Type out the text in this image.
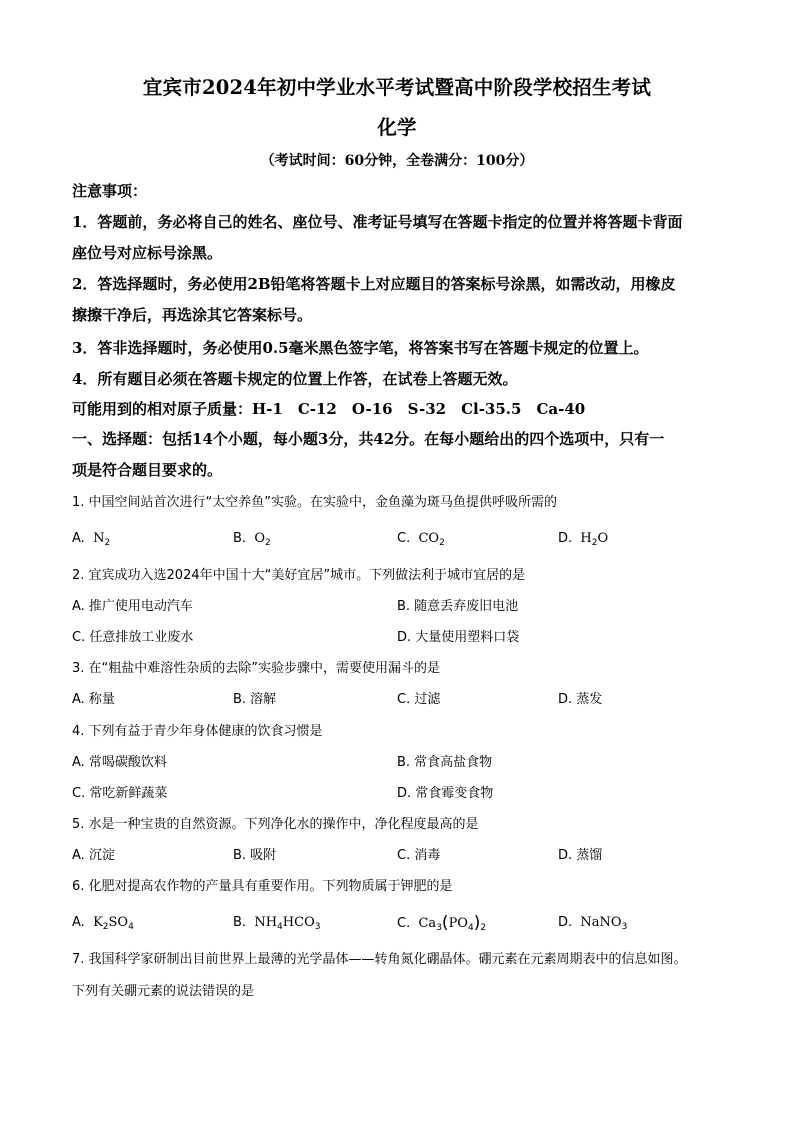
宜宾市2024年初中学业水平考试暨高中阶段学校招生考试
化学
（考试时间：60分钟，全卷满分：100分）
注意事项：
1．答题前，务必将自己的姓名、座位号、准考证号填写在答题卡指定的位置并将答题卡背面
座位号对应标号涂黑。
2．答选择题时，务必使用2B铅笔将答题卡上对应题目的答案标号涂黑，如需改动，用橡皮
擦擦干净后，再选涂其它答案标号。
3．答非选择题时，务必使用0.5毫米黑色签字笔，将答案书写在答题卡规定的位置上。
4．所有题目必须在答题卡规定的位置上作答，在试卷上答题无效。
可能用到的相对原子质量：H-1　C-12　O-16　S-32　Cl-35.5　Ca-40
一、选择题：包括14个小题，每小题3分，共42分。在每小题给出的四个选项中，只有一
项是符合题目要求的。
1. 中国空间站首次进行“太空养鱼”实验。在实验中，金鱼藻为斑马鱼提供呼吸所需的
A. $N_2$	B. $O_2$	C. $CO_2$	D. $H_2O$
2. 宜宾成功入选2024年中国十大“美好宜居”城市。下列做法利于城市宜居的是
A. 推广使用电动汽车	B. 随意丢弃废旧电池
C. 任意排放工业废水	D. 大量使用塑料口袋
3. 在“粗盐中难溶性杂质的去除”实验步骤中，需要使用漏斗的是
A. 称量	B. 溶解	C. 过滤	D. 蒸发
4. 下列有益于青少年身体健康的饮食习惯是
A. 常喝碳酸饮料	B. 常食高盐食物
C. 常吃新鲜蔬菜	D. 常食霉变食物
5. 水是一种宝贵的自然资源。下列净化水的操作中，净化程度最高的是
A. 沉淀	B. 吸附	C. 消毒	D. 蒸馏
6. 化肥对提高农作物的产量具有重要作用。下列物质属于钾肥的是
A. $K_2SO_4$	B. $NH_4HCO_3$	C. $Ca_3(PO_4)_2$	D. NaNO$_3$
7. 我国科学家研制出目前世界上最薄的光学晶体——转角氮化硼晶体。硼元素在元素周期表中的信息如图。
下列有关硼元素的说法错误的是
